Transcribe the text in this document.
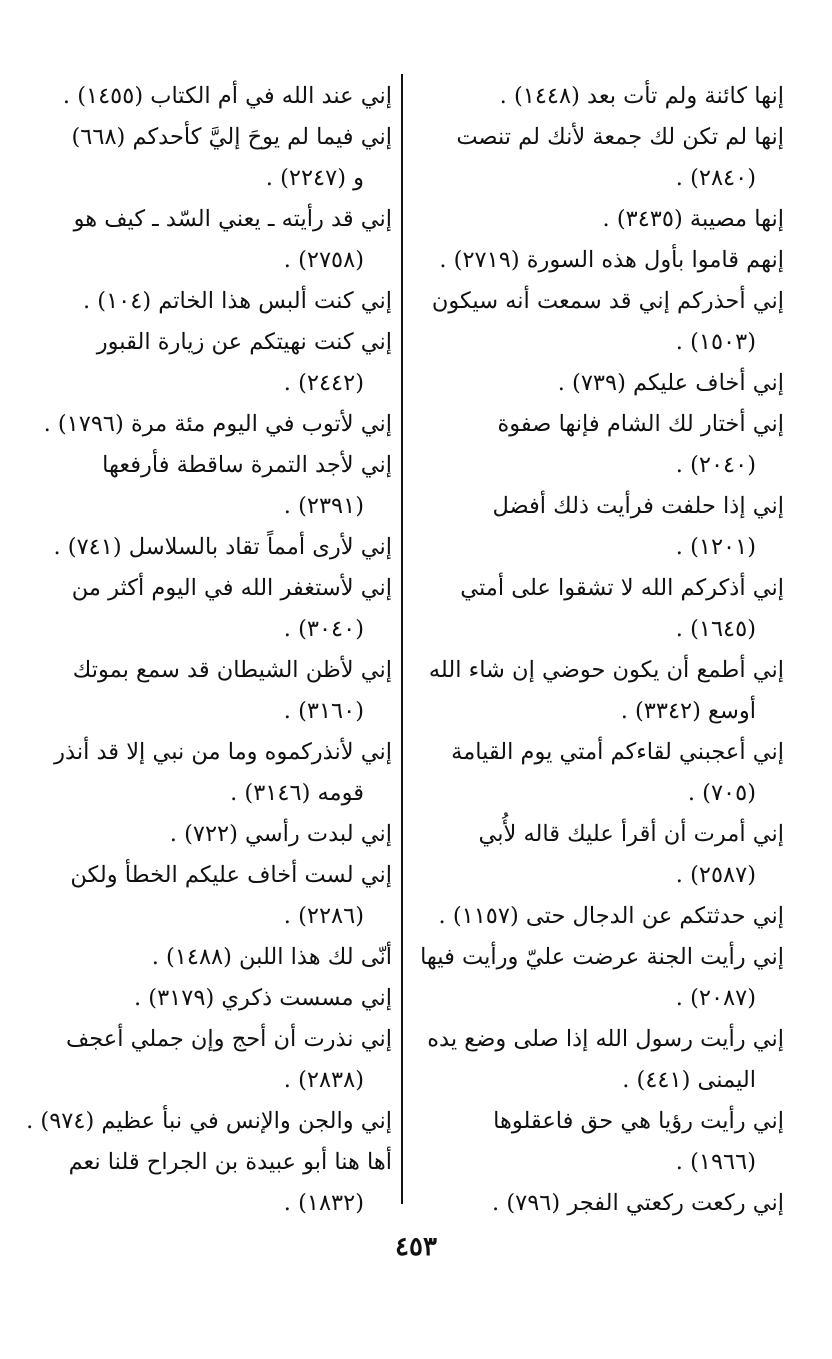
إنها كائنة ولم تأت بعد (١٤٤٨) .
إنها لم تكن لك جمعة لأنك لم تنصت
(٢٨٤٠) .
إنها مصيبة (٣٤٣٥) .
إنهم قاموا بأول هذه السورة (٢٧١٩) .
إني أحذركم إني قد سمعت أنه سيكون
(١٥٠٣) .
إني أخاف عليكم (٧٣٩) .
إني أختار لك الشام فإنها صفوة
(٢٠٤٠) .
إني إذا حلفت فرأيت ذلك أفضل
(١٢٠١) .
إني أذكركم الله لا تشقوا على أمتي
(١٦٤٥) .
إني أطمع أن يكون حوضي إن شاء الله
أوسع (٣٣٤٢) .
إني أعجبني لقاءكم أمتي يوم القيامة
(٧٠٥) .
إني أمرت أن أقرأ عليك قاله لأُبي
(٢٥٨٧) .
إني حدثتكم عن الدجال حتى (١١٥٧) .
إني رأيت الجنة عرضت عليّ ورأيت فيها
(٢٠٨٧) .
إني رأيت رسول الله إذا صلى وضع يده
اليمنى (٤٤١) .
إني رأيت رؤيا هي حق فاعقلوها
(١٩٦٦) .
إني ركعت ركعتي الفجر (٧٩٦) .
إني عند الله في أم الكتاب (١٤٥٥) .
إني فيما لم يوحَ إليَّ كأحدكم (٦٦٨)
و (٢٢٤٧) .
إني قد رأيته ـ يعني السّد ـ كيف هو
(٢٧٥٨) .
إني كنت ألبس هذا الخاتم (١٠٤) .
إني كنت نهيتكم عن زيارة القبور
(٢٤٤٢) .
إني لأتوب في اليوم مئة مرة (١٧٩٦) .
إني لأجد التمرة ساقطة فأرفعها
(٢٣٩١) .
إني لأرى أمماً تقاد بالسلاسل (٧٤١) .
إني لأستغفر الله في اليوم أكثر من
(٣٠٤٠) .
إني لأظن الشيطان قد سمع بموتك
(٣١٦٠) .
إني لأنذركموه وما من نبي إلا قد أنذر
قومه (٣١٤٦) .
إني لبدت رأسي (٧٢٢) .
إني لست أخاف عليكم الخطأ ولكن
(٢٢٨٦) .
أنّى لك هذا اللبن (١٤٨٨) .
إني مسست ذكري (٣١٧٩) .
إني نذرت أن أحج وإن جملي أعجف
(٢٨٣٨) .
إني والجن والإنس في نبأ عظيم (٩٧٤) .
أها هنا أبو عبيدة بن الجراح قلنا نعم
(١٨٣٢) .
٤٥٣
